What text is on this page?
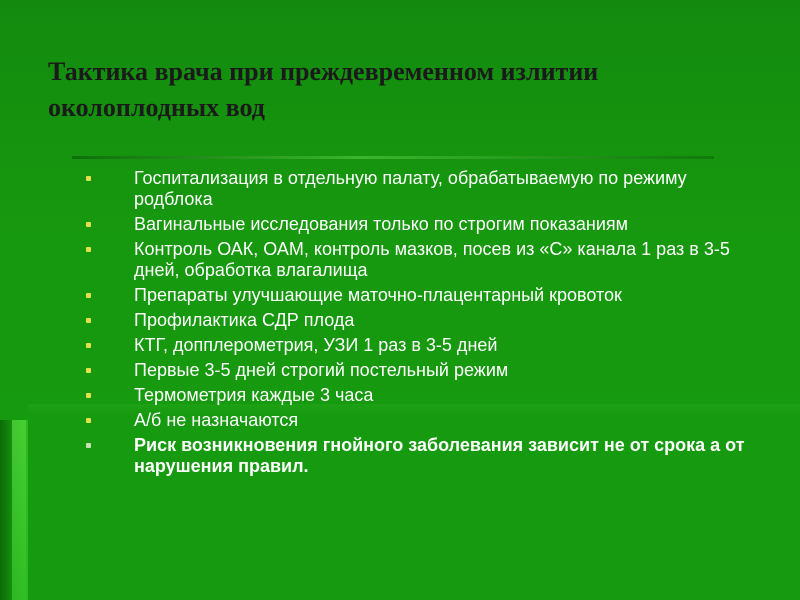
Тактика врача при преждевременном излитии околоплодных вод
Госпитализация в отдельную палату, обрабатываемую по режиму родблока
Вагинальные исследования только по строгим показаниям
Контроль ОАК, ОАМ, контроль мазков, посев из «С» канала 1 раз в 3-5 дней, обработка влагалища
Препараты улучшающие маточно-плацентарный кровоток
Профилактика СДР плода
КТГ, допплерометрия, УЗИ 1 раз в 3-5 дней
Первые 3-5 дней строгий постельный режим
Термометрия каждые 3 часа
А/б не назначаются
Риск возникновения гнойного заболевания зависит не от срока а от нарушения правил.
